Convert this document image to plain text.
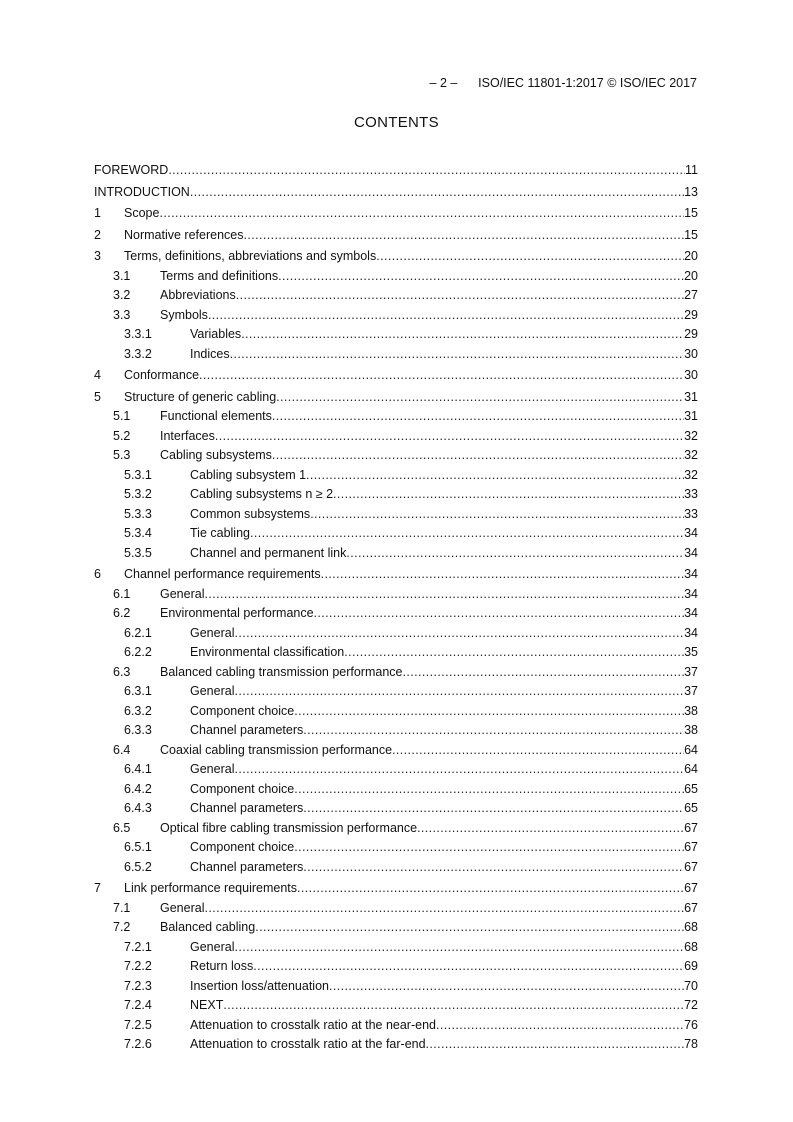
– 2 – ISO/IEC 11801-1:2017 © ISO/IEC 2017
CONTENTS
FOREWORD .....	11
INTRODUCTION .....	13
1	Scope .....	15
2	Normative references .....	15
3	Terms, definitions, abbreviations and symbols .....	20
3.1	Terms and definitions .....	20
3.2	Abbreviations .....	27
3.3	Symbols .....	29
3.3.1	Variables .....	29
3.3.2	Indices .....	30
4	Conformance .....	30
5	Structure of generic cabling .....	31
5.1	Functional elements .....	31
5.2	Interfaces .....	32
5.3	Cabling subsystems .....	32
5.3.1	Cabling subsystem 1 .....	32
5.3.2	Cabling subsystems n ≥ 2 .....	33
5.3.3	Common subsystems .....	33
5.3.4	Tie cabling .....	34
5.3.5	Channel and permanent link .....	34
6	Channel performance requirements .....	34
6.1	General .....	34
6.2	Environmental performance .....	34
6.2.1	General .....	34
6.2.2	Environmental classification .....	35
6.3	Balanced cabling transmission performance .....	37
6.3.1	General .....	37
6.3.2	Component choice .....	38
6.3.3	Channel parameters .....	38
6.4	Coaxial cabling transmission performance .....	64
6.4.1	General .....	64
6.4.2	Component choice .....	65
6.4.3	Channel parameters .....	65
6.5	Optical fibre cabling transmission performance .....	67
6.5.1	Component choice .....	67
6.5.2	Channel parameters .....	67
7	Link performance requirements .....	67
7.1	General .....	67
7.2	Balanced cabling .....	68
7.2.1	General .....	68
7.2.2	Return loss .....	69
7.2.3	Insertion loss/attenuation .....	70
7.2.4	NEXT .....	72
7.2.5	Attenuation to crosstalk ratio at the near-end .....	76
7.2.6	Attenuation to crosstalk ratio at the far-end .....	78
